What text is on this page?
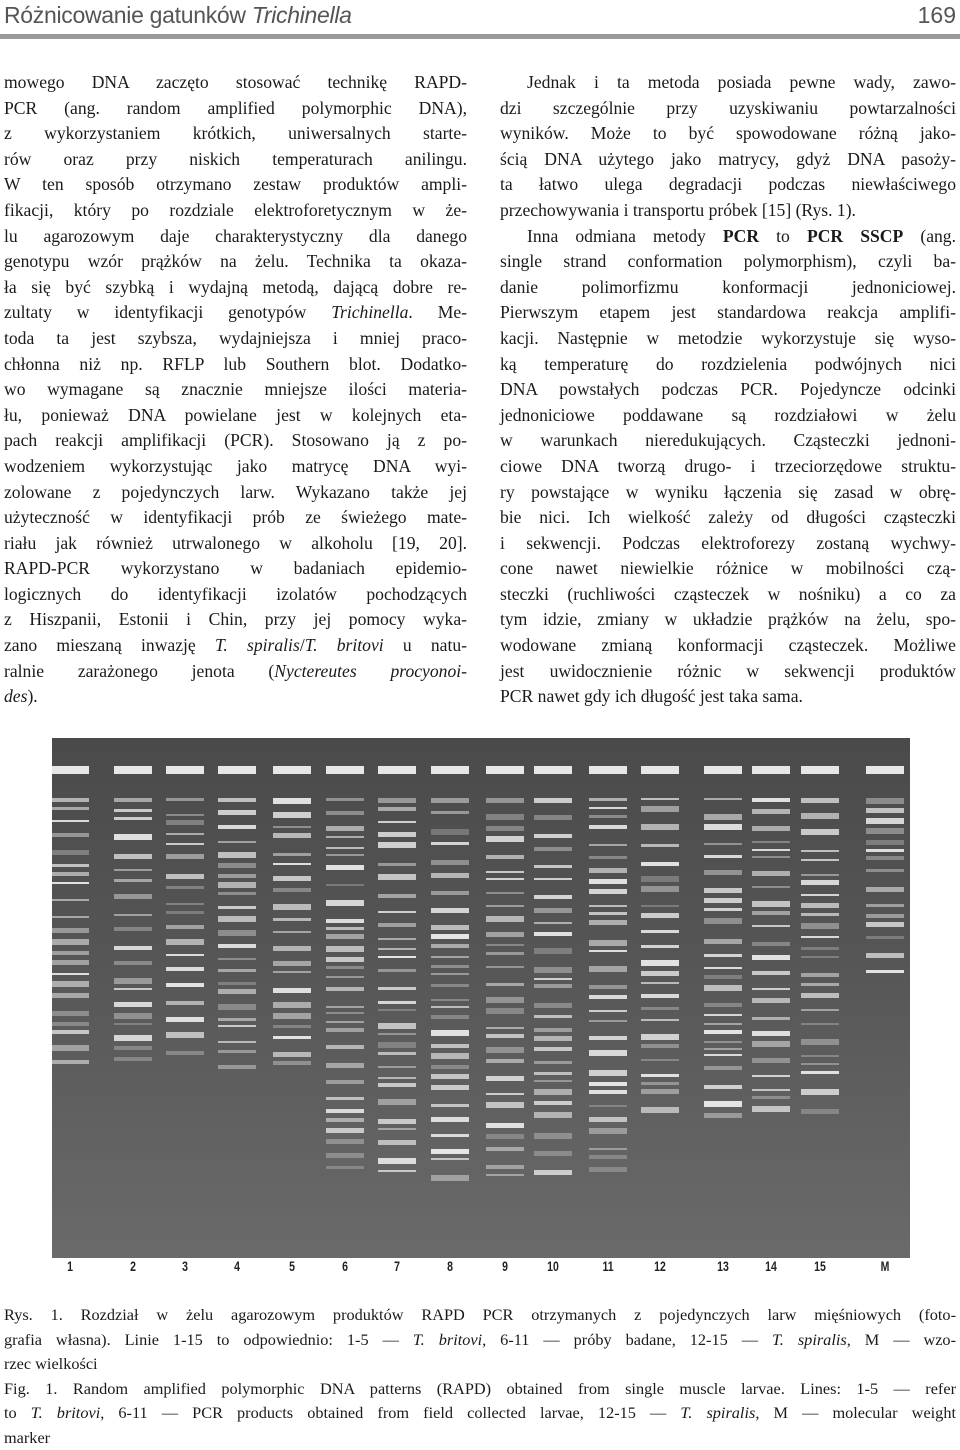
Różnicowanie gatunków Trichinella	169
mowego DNA zaczęto stosować technikę RAPD-
PCR (ang. random amplified polymorphic DNA),
z wykorzystaniem krótkich, uniwersalnych starte-
rów oraz przy niskich temperaturach anilingu.
W ten sposób otrzymano zestaw produktów ampli-
fikacji, który po rozdziale elektroforetycznym w że-
lu agarozowym daje charakterystyczny dla danego
genotypu wzór prążków na żelu. Technika ta okaza-
ła się być szybką i wydajną metodą, dającą dobre re-
zultaty w identyfikacji genotypów Trichinella. Me-
toda ta jest szybsza, wydajniejsza i mniej praco-
chłonna niż np. RFLP lub Southern blot. Dodatko-
wo wymagane są znacznie mniejsze ilości materia-
łu, ponieważ DNA powielane jest w kolejnych eta-
pach reakcji amplifikacji (PCR). Stosowano ją z po-
wodzeniem wykorzystując jako matrycę DNA wyi-
zolowane z pojedynczych larw. Wykazano także jej
użyteczność w identyfikacji prób ze świeżego mate-
riału jak również utrwalonego w alkoholu [19, 20].
RAPD-PCR wykorzystano w badaniach epidemio-
logicznych do identyfikacji izolatów pochodzących
z Hiszpanii, Estonii i Chin, przy jej pomocy wyka-
zano mieszaną inwazję T. spiralis/T. britovi u natu-
ralnie zarażonego jenota (Nyctereutes procyonoi-
des).
Jednak i ta metoda posiada pewne wady, zawo-
dzi szczególnie przy uzyskiwaniu powtarzalności
wyników. Może to być spowodowane różną jako-
ścią DNA użytego jako matrycy, gdyż DNA pasoży-
ta łatwo ulega degradacji podczas niewłaściwego
przechowywania i transportu próbek [15] (Rys. 1).
Inna odmiana metody PCR to PCR SSCP (ang.
single strand conformation polymorphism), czyli ba-
danie polimorfizmu konformacji jednoniciowej.
Pierwszym etapem jest standardowa reakcja amplifi-
kacji. Następnie w metodzie wykorzystuje się wyso-
ką temperaturę do rozdzielenia podwójnych nici
DNA powstałych podczas PCR. Pojedyncze odcinki
jednoniciowe poddawane są rozdziałowi w żelu
w warunkach nieredukujących. Cząsteczki jednoni-
ciowe DNA tworzą drugo- i trzeciorzędowe struktu-
ry powstające w wyniku łączenia się zasad w obrę-
bie nici. Ich wielkość zależy od długości cząsteczki
i sekwencji. Podczas elektroforezy zostaną wychwy-
cone nawet niewielkie różnice w mobilności czą-
steczki (ruchliwości cząsteczek w nośniku) a co za
tym idzie, zmiany w układzie prążków na żelu, spo-
wodowane zmianą konformacji cząsteczek. Możliwe
jest uwidocznienie różnic w sekwencji produktów
PCR nawet gdy ich długość jest taka sama.
1	2	3	4	5	6	7	8	9	10	11	12	13	14	15	M
Rys. 1. Rozdział w żelu agarozowym produktów RAPD PCR otrzymanych z pojedynczych larw mięśniowych (foto-
grafia własna). Linie 1-15 to odpowiednio: 1-5 — T. britovi, 6-11 — próby badane, 12-15 — T. spiralis, M — wzo-
rzec wielkości
Fig. 1. Random amplified polymorphic DNA patterns (RAPD) obtained from single muscle larvae. Lines: 1-5 — refer
to T. britovi, 6-11 — PCR products obtained from field collected larvae, 12-15 — T. spiralis, M — molecular weight
marker
